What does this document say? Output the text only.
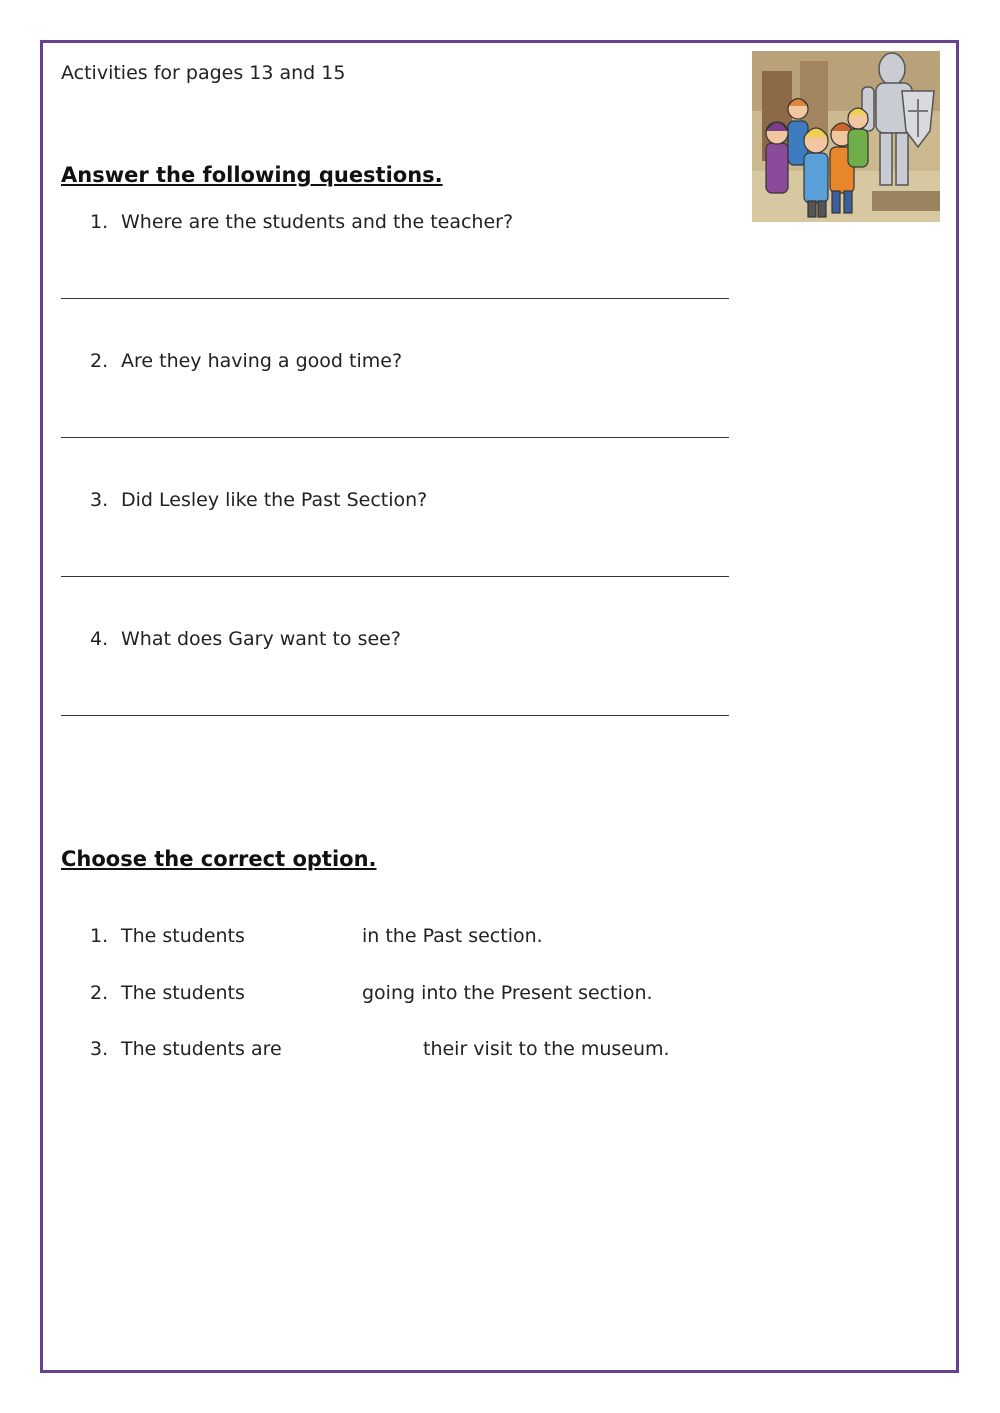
Activities for pages 13 and 15
Answer the following questions.
1. Where are the students and the teacher?
2. Are they having a good time?
3. Did Lesley like the Past Section?
4. What does Gary want to see?
Choose the correct option.
1. The students	in the Past section.
2. The students	going into the Present section.
3. The students are	their visit to the museum.
